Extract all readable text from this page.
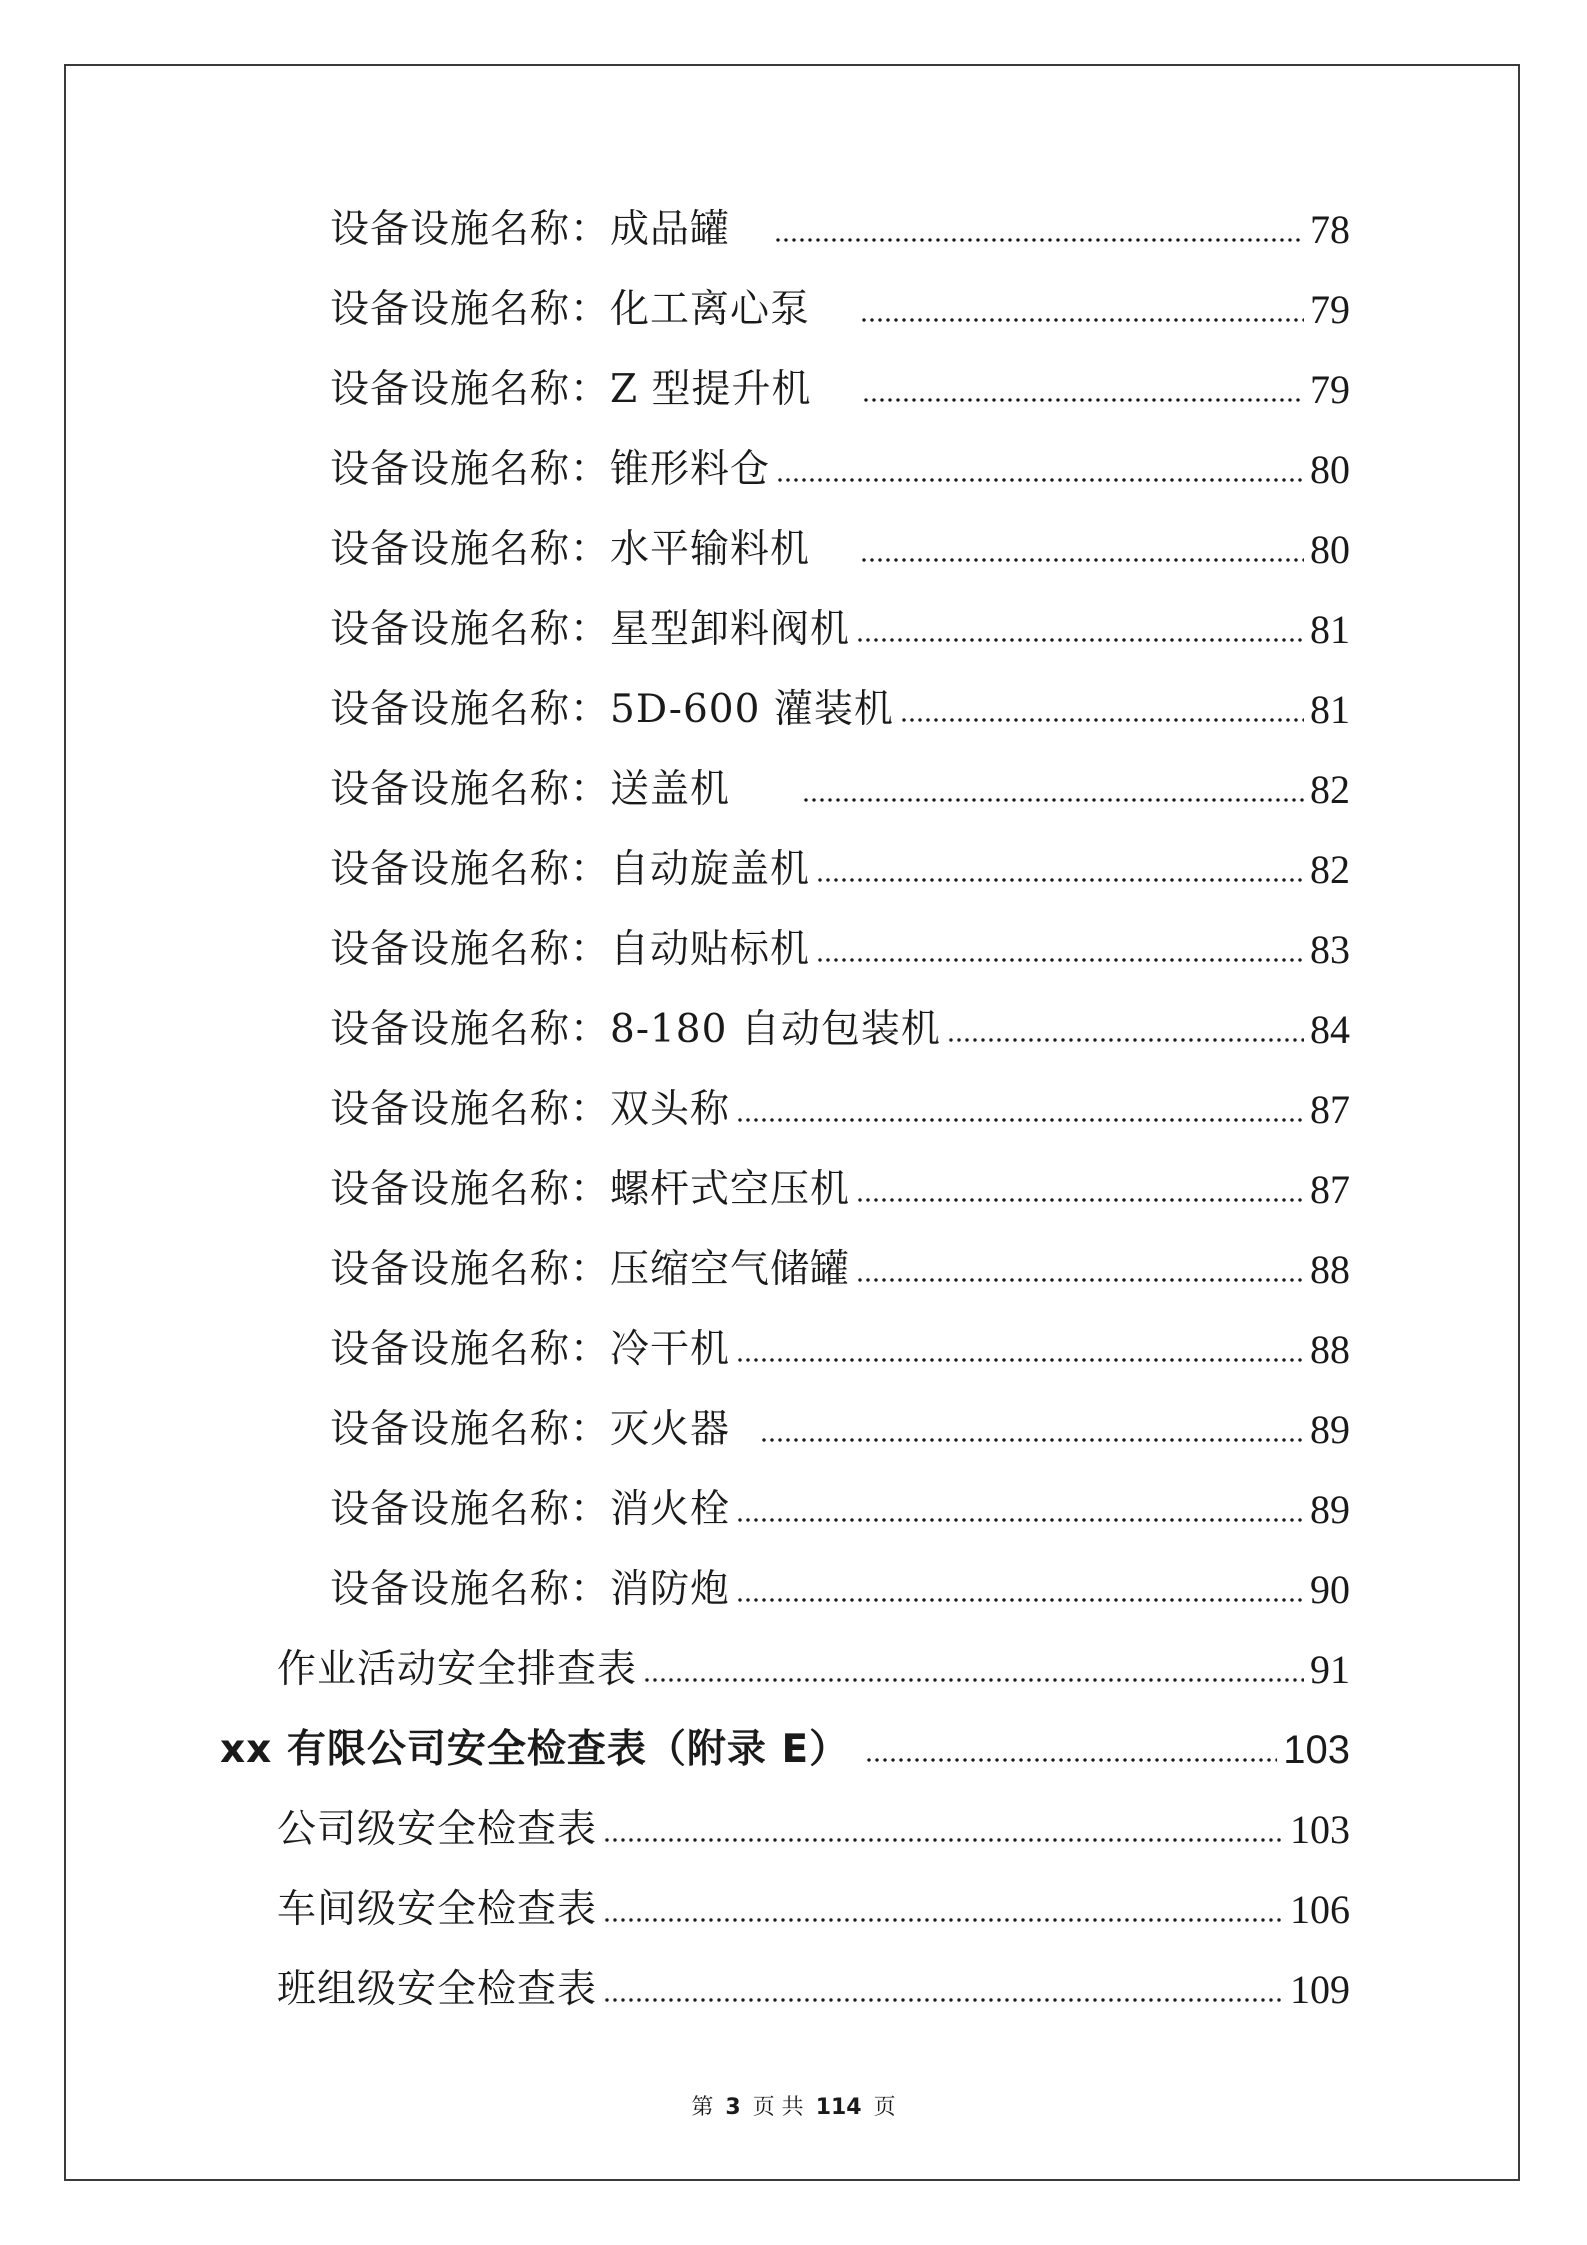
设备设施名称：成品罐	78
设备设施名称：化工离心泵	79
设备设施名称：Z 型提升机	79
设备设施名称：锥形料仓	80
设备设施名称：水平输料机	80
设备设施名称：星型卸料阀机	81
设备设施名称：5D-600 灌装机	81
设备设施名称：送盖机	82
设备设施名称：自动旋盖机	82
设备设施名称：自动贴标机	83
设备设施名称：8-180 自动包装机	84
设备设施名称：双头称	87
设备设施名称：螺杆式空压机	87
设备设施名称：压缩空气储罐	88
设备设施名称：冷干机	88
设备设施名称：灭火器	89
设备设施名称：消火栓	89
设备设施名称：消防炮	90
作业活动安全排查表	91
xx 有限公司安全检查表（附录 E）	103
公司级安全检查表	103
车间级安全检查表	106
班组级安全检查表	109
第 3 页 共 114 页
